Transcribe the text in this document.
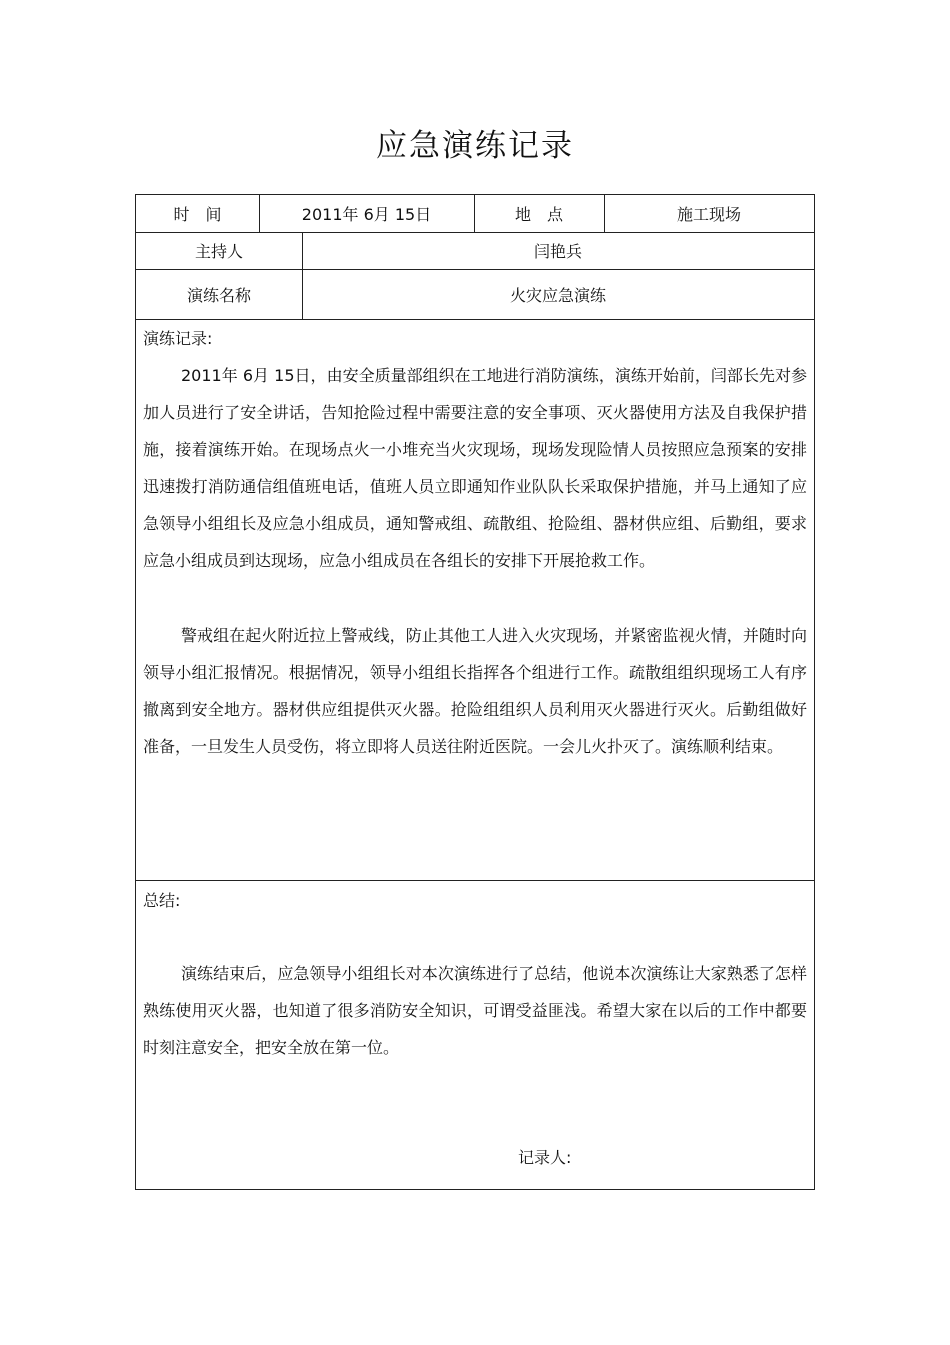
应急演练记录
时　间	2011年 6月 15日	地　点	施工现场
主持人	闫艳兵
演练名称	火灾应急演练
演练记录:

2011年 6月 15日，由安全质量部组织在工地进行消防演练，演练开始前，闫部长先对参加人员进行了安全讲话，告知抢险过程中需要注意的安全事项、灭火器使用方法及自我保护措施，接着演练开始。在现场点火一小堆充当火灾现场，现场发现险情人员按照应急预案的安排迅速拨打消防通信组值班电话，值班人员立即通知作业队队长采取保护措施，并马上通知了应急领导小组组长及应急小组成员，通知警戒组、疏散组、抢险组、器材供应组、后勤组，要求应急小组成员到达现场，应急小组成员在各组长的安排下开展抢救工作。

警戒组在起火附近拉上警戒线，防止其他工人进入火灾现场，并紧密监视火情，并随时向领导小组汇报情况。根据情况，领导小组组长指挥各个组进行工作。疏散组组织现场工人有序撤离到安全地方。器材供应组提供灭火器。抢险组组织人员利用灭火器进行灭火。后勤组做好准备，一旦发生人员受伤，将立即将人员送往附近医院。一会儿火扑灭了。演练顺利结束。

总结:

演练结束后，应急领导小组组长对本次演练进行了总结，他说本次演练让大家熟悉了怎样熟练使用灭火器，也知道了很多消防安全知识，可谓受益匪浅。希望大家在以后的工作中都要时刻注意安全，把安全放在第一位。

记录人:
